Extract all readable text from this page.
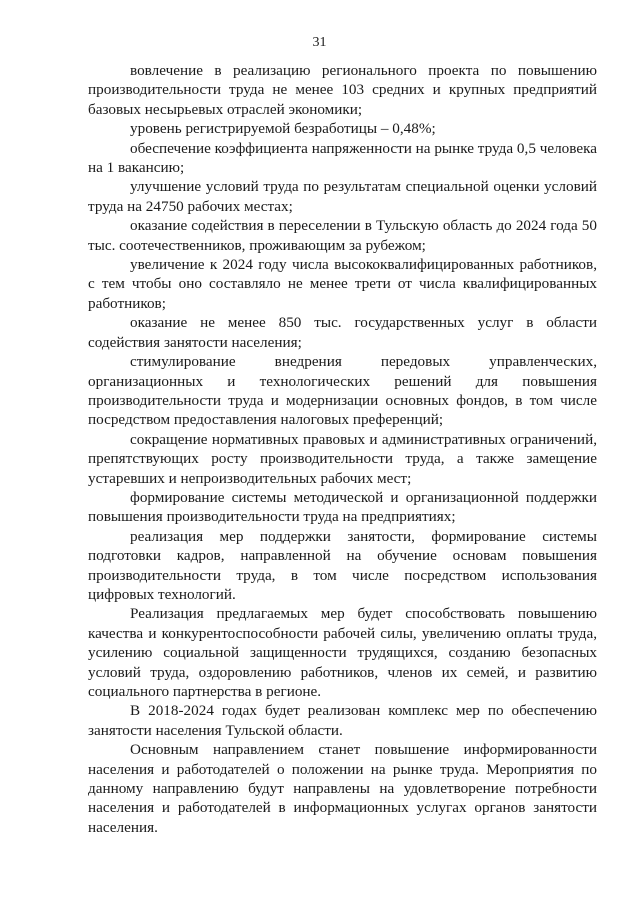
31

вовлечение в реализацию регионального проекта по повышению производительности труда не менее 103 средних и крупных предприятий базовых несырьевых отраслей экономики;

уровень регистрируемой безработицы – 0,48%;

обеспечение коэффициента напряженности на рынке труда 0,5 человека на 1 вакансию;

улучшение условий труда по результатам специальной оценки условий труда на 24750 рабочих местах;

оказание содействия в переселении в Тульскую область до 2024 года 50 тыс. соотечественников, проживающим за рубежом;

увеличение к 2024 году числа высококвалифицированных работников, с тем чтобы оно составляло не менее трети от числа квалифицированных работников;

оказание не менее 850 тыс. государственных услуг в области содействия занятости населения;

стимулирование внедрения передовых управленческих, организационных и технологических решений для повышения производительности труда и модернизации основных фондов, в том числе посредством предоставления налоговых преференций;

сокращение нормативных правовых и административных ограничений, препятствующих росту производительности труда, а также замещение устаревших и непроизводительных рабочих мест;

формирование системы методической и организационной поддержки повышения производительности труда на предприятиях;

реализация мер поддержки занятости, формирование системы подготовки кадров, направленной на обучение основам повышения производительности труда, в том числе посредством использования цифровых технологий.

Реализация предлагаемых мер будет способствовать повышению качества и конкурентоспособности рабочей силы, увеличению оплаты труда, усилению социальной защищенности трудящихся, созданию безопасных условий труда, оздоровлению работников, членов их семей, и развитию социального партнерства в регионе.

В 2018-2024 годах будет реализован комплекс мер по обеспечению занятости населения Тульской области.

Основным направлением станет повышение информированности населения и работодателей о положении на рынке труда. Мероприятия по данному направлению будут направлены на удовлетворение потребности населения и работодателей в информационных услугах органов занятости населения.
